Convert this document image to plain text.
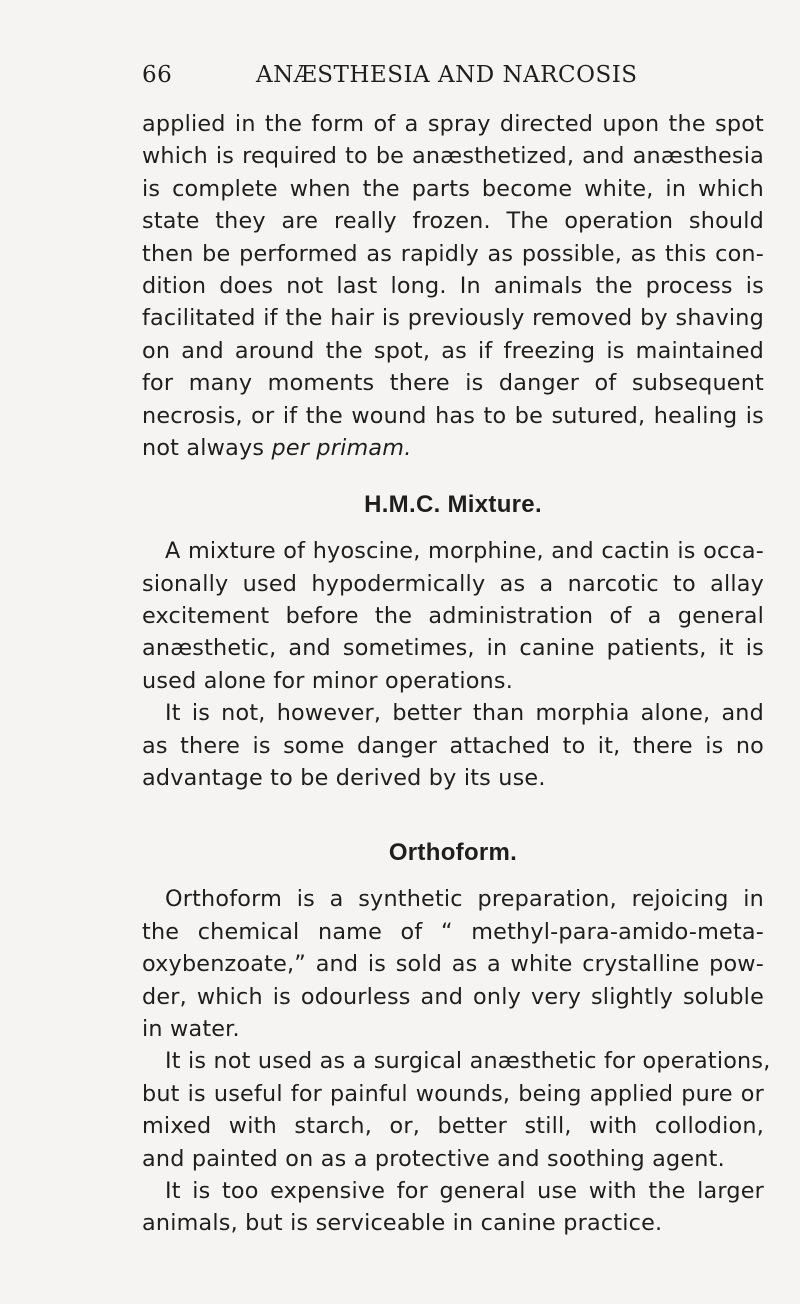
66	ANÆSTHESIA AND NARCOSIS
applied in the form of a spray directed upon the spot
which is required to be anæsthetized, and anæsthesia
is complete when the parts become white, in which
state they are really frozen. The operation should
then be performed as rapidly as possible, as this con-
dition does not last long. In animals the process is
facilitated if the hair is previously removed by shaving
on and around the spot, as if freezing is maintained
for many moments there is danger of subsequent
necrosis, or if the wound has to be sutured, healing is
not always per primam.
H.M.C. Mixture.
A mixture of hyoscine, morphine, and cactin is occa-
sionally used hypodermically as a narcotic to allay
excitement before the administration of a general
anæsthetic, and sometimes, in canine patients, it is
used alone for minor operations.
It is not, however, better than morphia alone, and
as there is some danger attached to it, there is no
advantage to be derived by its use.
Orthoform.
Orthoform is a synthetic preparation, rejoicing in
the chemical name of “ methyl-para-amido-meta-
oxybenzoate,” and is sold as a white crystalline pow-
der, which is odourless and only very slightly soluble
in water.
It is not used as a surgical anæsthetic for operations,
but is useful for painful wounds, being applied pure or
mixed with starch, or, better still, with collodion,
and painted on as a protective and soothing agent.
It is too expensive for general use with the larger
animals, but is serviceable in canine practice.
